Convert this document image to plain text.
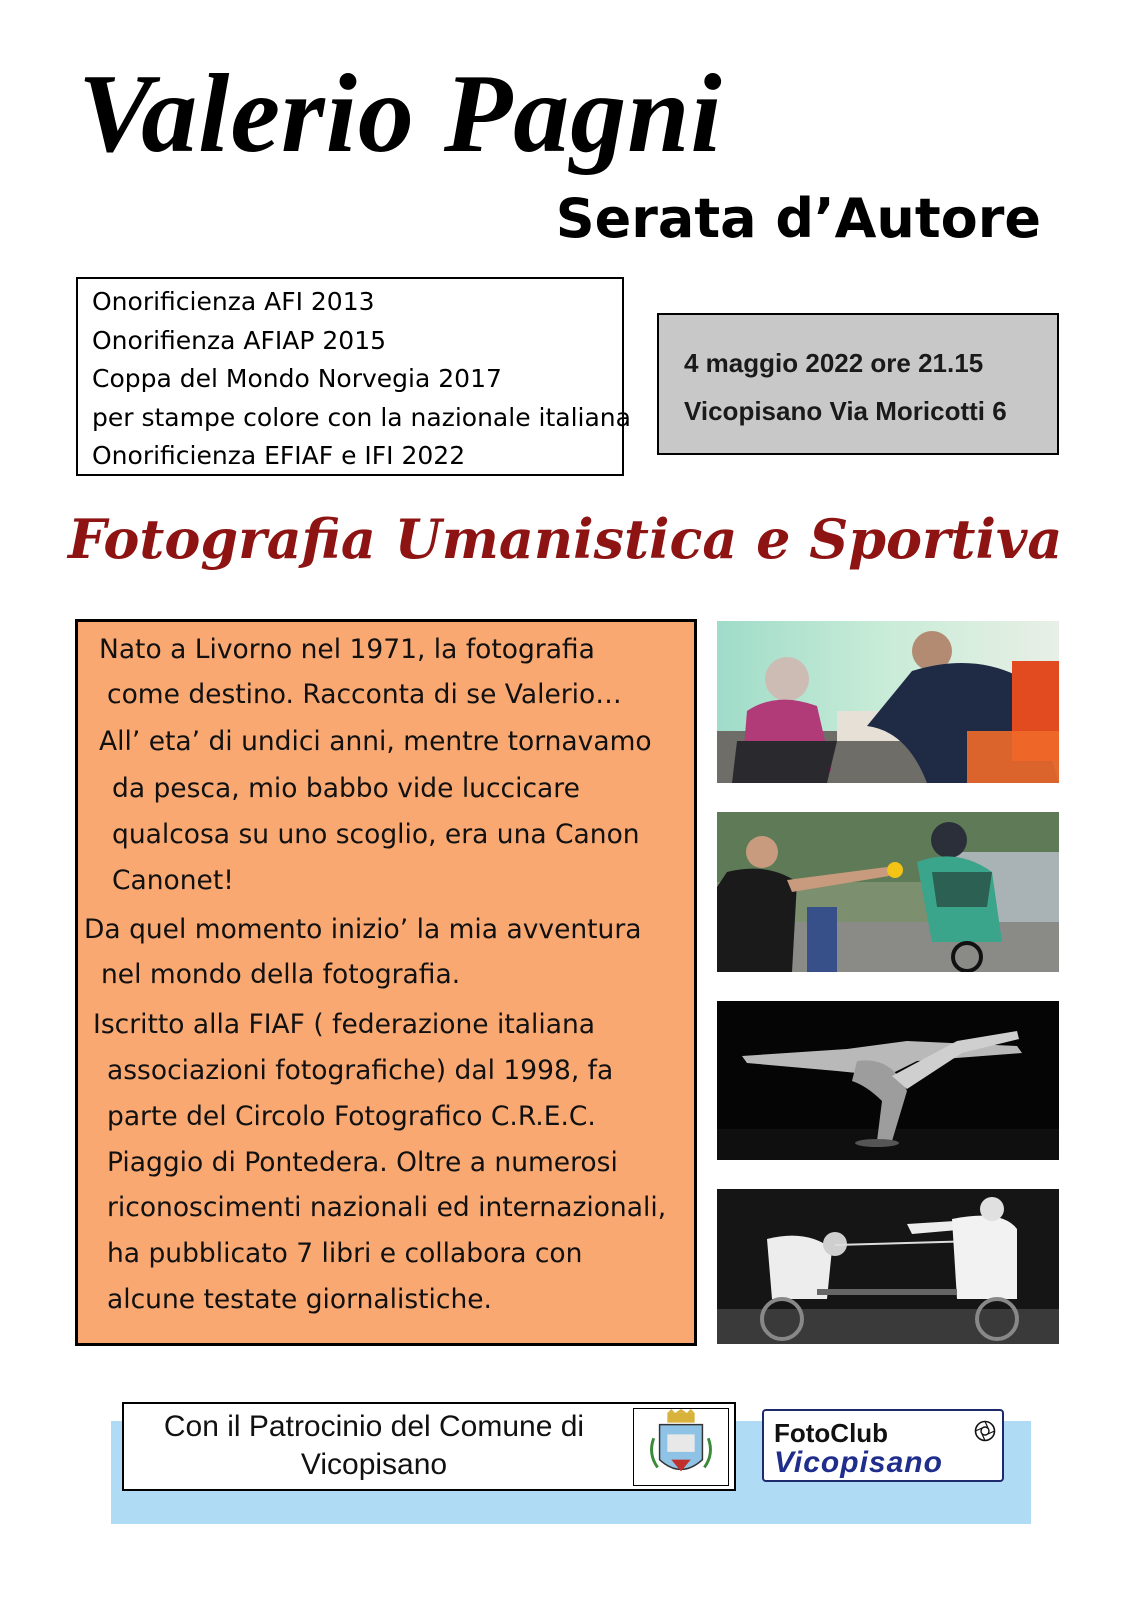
Valerio Pagni
Serata d’Autore
Onorificienza AFI 2013
Onorifienza AFIAP 2015
Coppa del Mondo Norvegia 2017
per stampe colore con la nazionale italiana
Onorificienza EFIAF e IFI 2022
4 maggio 2022 ore 21.15
Vicopisano Via Moricotti 6
Fotografia Umanistica e Sportiva
Nato a Livorno nel 1971, la fotografia
come destino. Racconta di se Valerio…
All’ eta’ di undici anni, mentre tornavamo
da pesca, mio babbo vide luccicare
qualcosa su uno scoglio, era una Canon
Canonet!
Da quel momento inizio’ la mia avventura
nel mondo della fotografia.
Iscritto alla FIAF ( federazione italiana
associazioni fotografiche) dal 1998, fa
parte del Circolo Fotografico C.R.E.C.
Piaggio di Pontedera. Oltre a numerosi
riconoscimenti nazionali ed internazionali,
ha pubblicato 7 libri e collabora con
alcune testate giornalistiche.
Con il Patrocinio del Comune di
Vicopisano
FotoClub
Vicopisano
